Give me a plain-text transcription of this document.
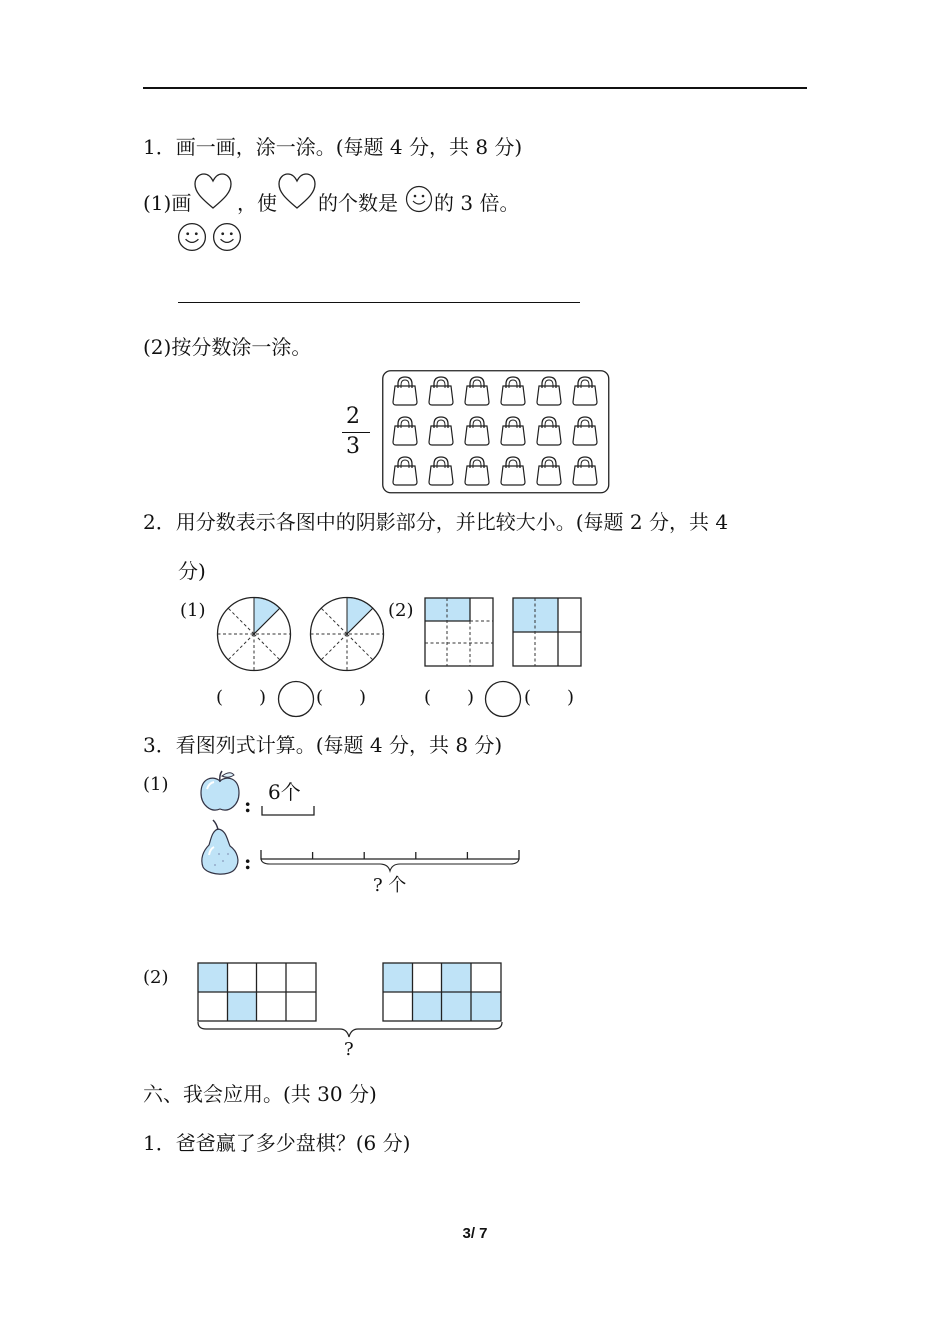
1．画一画，涂一涂。(每题 4 分，共 8 分)
(1)画 ，使 的个数是 的 3 倍。
(2)按分数涂一涂。
2
3
2．用分数表示各图中的阴影部分，并比较大小。(每题 2 分，共 4
分)
(1)	(2)
(　　)	(　　)	(　　)	(　　)
3．看图列式计算。(每题 4 分，共 8 分)
(1)
:
6个
:
? 个
(2)
?
六、我会应用。(共 30 分)
1．爸爸赢了多少盘棋？(6 分)
3/ 7
